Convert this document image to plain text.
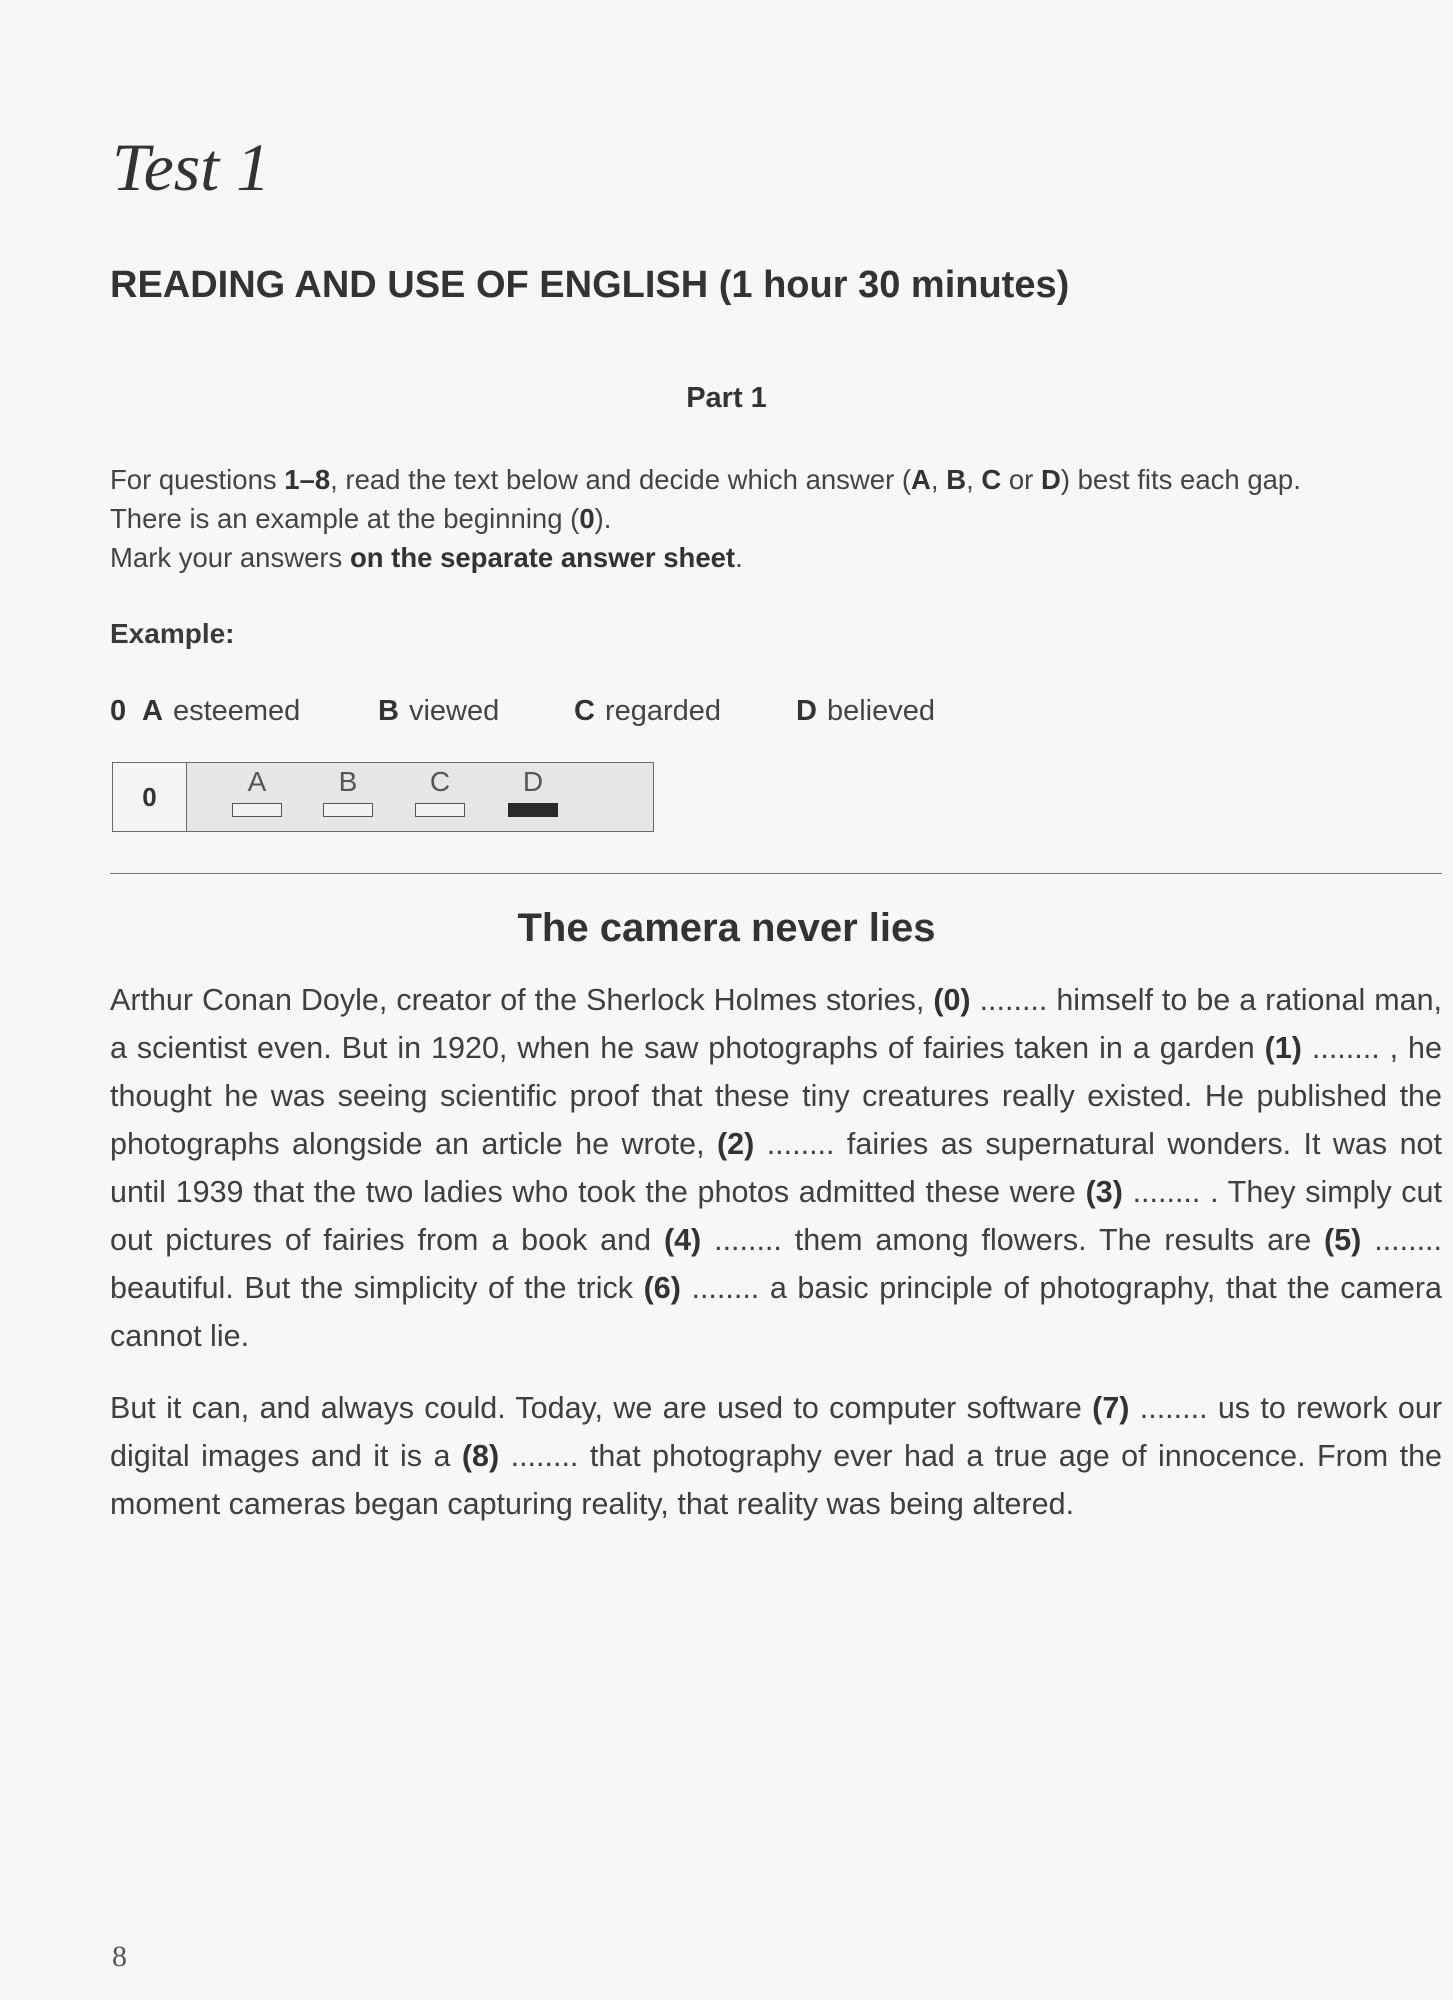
Test 1
READING AND USE OF ENGLISH (1 hour 30 minutes)
Part 1
For questions 1–8, read the text below and decide which answer (A, B, C or D) best fits each gap.
There is an example at the beginning (0).
Mark your answers on the separate answer sheet.
Example:
0 A esteemed	B viewed	C regarded	D believed
0	A	B	C	D
The camera never lies

Arthur Conan Doyle, creator of the Sherlock Holmes stories, (0) ........ himself to be a rational man, a scientist even. But in 1920, when he saw photographs of fairies taken in a garden (1) ........ , he thought he was seeing scientific proof that these tiny creatures really existed. He published the photographs alongside an article he wrote, (2) ........ fairies as supernatural wonders. It was not until 1939 that the two ladies who took the photos admitted these were (3) ........ . They simply cut out pictures of fairies from a book and (4) ........ them among flowers. The results are (5) ........ beautiful. But the simplicity of the trick (6) ........ a basic principle of photography, that the camera cannot lie.

But it can, and always could. Today, we are used to computer software (7) ........ us to rework our digital images and it is a (8) ........ that photography ever had a true age of innocence. From the moment cameras began capturing reality, that reality was being altered.

8
